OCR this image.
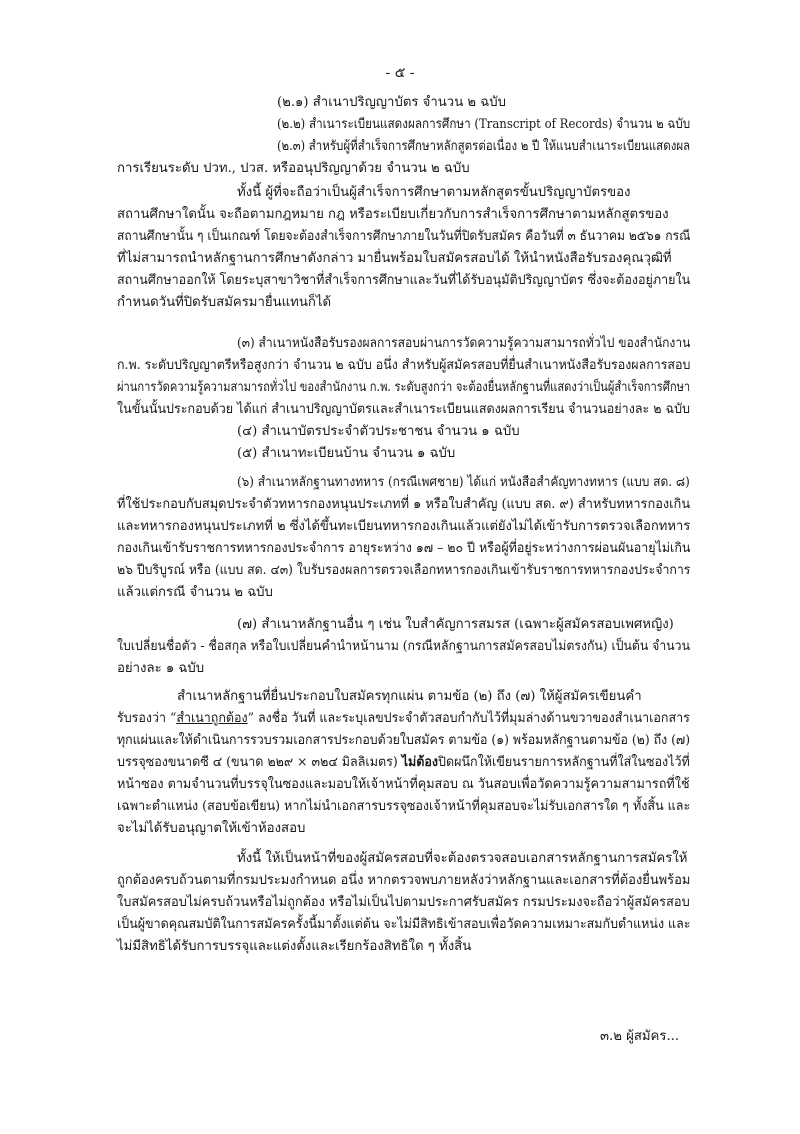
- ๕ -
(๒.๑) สำเนาปริญญาบัตร จำนวน ๒ ฉบับ
(๒.๒) สำเนาระเบียนแสดงผลการศึกษา (Transcript of Records) จำนวน ๒ ฉบับ
(๒.๓) สำหรับผู้ที่สำเร็จการศึกษาหลักสูตรต่อเนื่อง ๒ ปี ให้แนบสำเนาระเบียนแสดงผล
การเรียนระดับ ปวท., ปวส. หรืออนุปริญญาด้วย จำนวน ๒ ฉบับ
ทั้งนี้ ผู้ที่จะถือว่าเป็นผู้สำเร็จการศึกษาตามหลักสูตรขั้นปริญญาบัตรของ
สถานศึกษาใดนั้น จะถือตามกฎหมาย กฎ หรือระเบียบเกี่ยวกับการสำเร็จการศึกษาตามหลักสูตรของ
สถานศึกษานั้น ๆ เป็นเกณฑ์ โดยจะต้องสำเร็จการศึกษาภายในวันที่ปิดรับสมัคร คือวันที่ ๓ ธันวาคม ๒๕๖๑ กรณี
ที่ไม่สามารถนำหลักฐานการศึกษาดังกล่าว มายื่นพร้อมใบสมัครสอบได้ ให้นำหนังสือรับรองคุณวุฒิที่
สถานศึกษาออกให้ โดยระบุสาขาวิชาที่สำเร็จการศึกษาและวันที่ได้รับอนุมัติปริญญาบัตร ซึ่งจะต้องอยู่ภายใน
กำหนดวันที่ปิดรับสมัครมายื่นแทนก็ได้
(๓) สำเนาหนังสือรับรองผลการสอบผ่านการวัดความรู้ความสามารถทั่วไป ของสำนักงาน
ก.พ. ระดับปริญญาตรีหรือสูงกว่า จำนวน ๒ ฉบับ อนึ่ง สำหรับผู้สมัครสอบที่ยื่นสำเนาหนังสือรับรองผลการสอบ
ผ่านการวัดความรู้ความสามารถทั่วไป ของสำนักงาน ก.พ. ระดับสูงกว่า จะต้องยื่นหลักฐานที่แสดงว่าเป็นผู้สำเร็จการศึกษา
ในขั้นนั้นประกอบด้วย ได้แก่ สำเนาปริญญาบัตรและสำเนาระเบียนแสดงผลการเรียน จำนวนอย่างละ ๒ ฉบับ
(๔) สำเนาบัตรประจำตัวประชาชน จำนวน ๑ ฉบับ
(๕) สำเนาทะเบียนบ้าน จำนวน ๑ ฉบับ
(๖) สำเนาหลักฐานทางทหาร (กรณีเพศชาย) ได้แก่ หนังสือสำคัญทางทหาร (แบบ สด. ๘)
ที่ใช้ประกอบกับสมุดประจำตัวทหารกองหนุนประเภทที่ ๑ หรือใบสำคัญ (แบบ สด. ๙) สำหรับทหารกองเกิน
และทหารกองหนุนประเภทที่ ๒ ซึ่งได้ขึ้นทะเบียนทหารกองเกินแล้วแต่ยังไม่ได้เข้ารับการตรวจเลือกทหาร
กองเกินเข้ารับราชการทหารกองประจำการ อายุระหว่าง ๑๗ – ๒๐ ปี หรือผู้ที่อยู่ระหว่างการผ่อนผันอายุไม่เกิน
๒๖ ปีบริบูรณ์ หรือ (แบบ สด. ๔๓) ใบรับรองผลการตรวจเลือกทหารกองเกินเข้ารับราชการทหารกองประจำการ
แล้วแต่กรณี จำนวน ๒ ฉบับ
(๗) สำเนาหลักฐานอื่น ๆ เช่น ใบสำคัญการสมรส (เฉพาะผู้สมัครสอบเพศหญิง)
ใบเปลี่ยนชื่อตัว - ชื่อสกุล หรือใบเปลี่ยนคำนำหน้านาม (กรณีหลักฐานการสมัครสอบไม่ตรงกัน) เป็นต้น จำนวน
อย่างละ ๑ ฉบับ
สำเนาหลักฐานที่ยื่นประกอบใบสมัครทุกแผ่น ตามข้อ (๒) ถึง (๗) ให้ผู้สมัครเขียนคำ
รับรองว่า “สำเนาถูกต้อง” ลงชื่อ วันที่ และระบุเลขประจำตัวสอบกำกับไว้ที่มุมล่างด้านขวาของสำเนาเอกสาร
ทุกแผ่นและให้ดำเนินการรวบรวมเอกสารประกอบด้วยใบสมัคร ตามข้อ (๑) พร้อมหลักฐานตามข้อ (๒) ถึง (๗)
บรรจุซองขนาดซี ๔ (ขนาด ๒๒๙ × ๓๒๔ มิลลิเมตร) ไม่ต้องปิดผนึกให้เขียนรายการหลักฐานที่ใส่ในซองไว้ที่
หน้าซอง ตามจำนวนที่บรรจุในซองและมอบให้เจ้าหน้าที่คุมสอบ ณ วันสอบเพื่อวัดความรู้ความสามารถที่ใช้
เฉพาะตำแหน่ง (สอบข้อเขียน) หากไม่นำเอกสารบรรจุซองเจ้าหน้าที่คุมสอบจะไม่รับเอกสารใด ๆ ทั้งสิ้น และ
จะไม่ได้รับอนุญาตให้เข้าห้องสอบ
ทั้งนี้ ให้เป็นหน้าที่ของผู้สมัครสอบที่จะต้องตรวจสอบเอกสารหลักฐานการสมัครให้
ถูกต้องครบถ้วนตามที่กรมประมงกำหนด อนึ่ง หากตรวจพบภายหลังว่าหลักฐานและเอกสารที่ต้องยื่นพร้อม
ใบสมัครสอบไม่ครบถ้วนหรือไม่ถูกต้อง หรือไม่เป็นไปตามประกาศรับสมัคร กรมประมงจะถือว่าผู้สมัครสอบ
เป็นผู้ขาดคุณสมบัติในการสมัครครั้งนี้มาตั้งแต่ต้น จะไม่มีสิทธิเข้าสอบเพื่อวัดความเหมาะสมกับตำแหน่ง และ
ไม่มีสิทธิได้รับการบรรจุและแต่งตั้งและเรียกร้องสิทธิใด ๆ ทั้งสิ้น
๓.๒ ผู้สมัคร...
